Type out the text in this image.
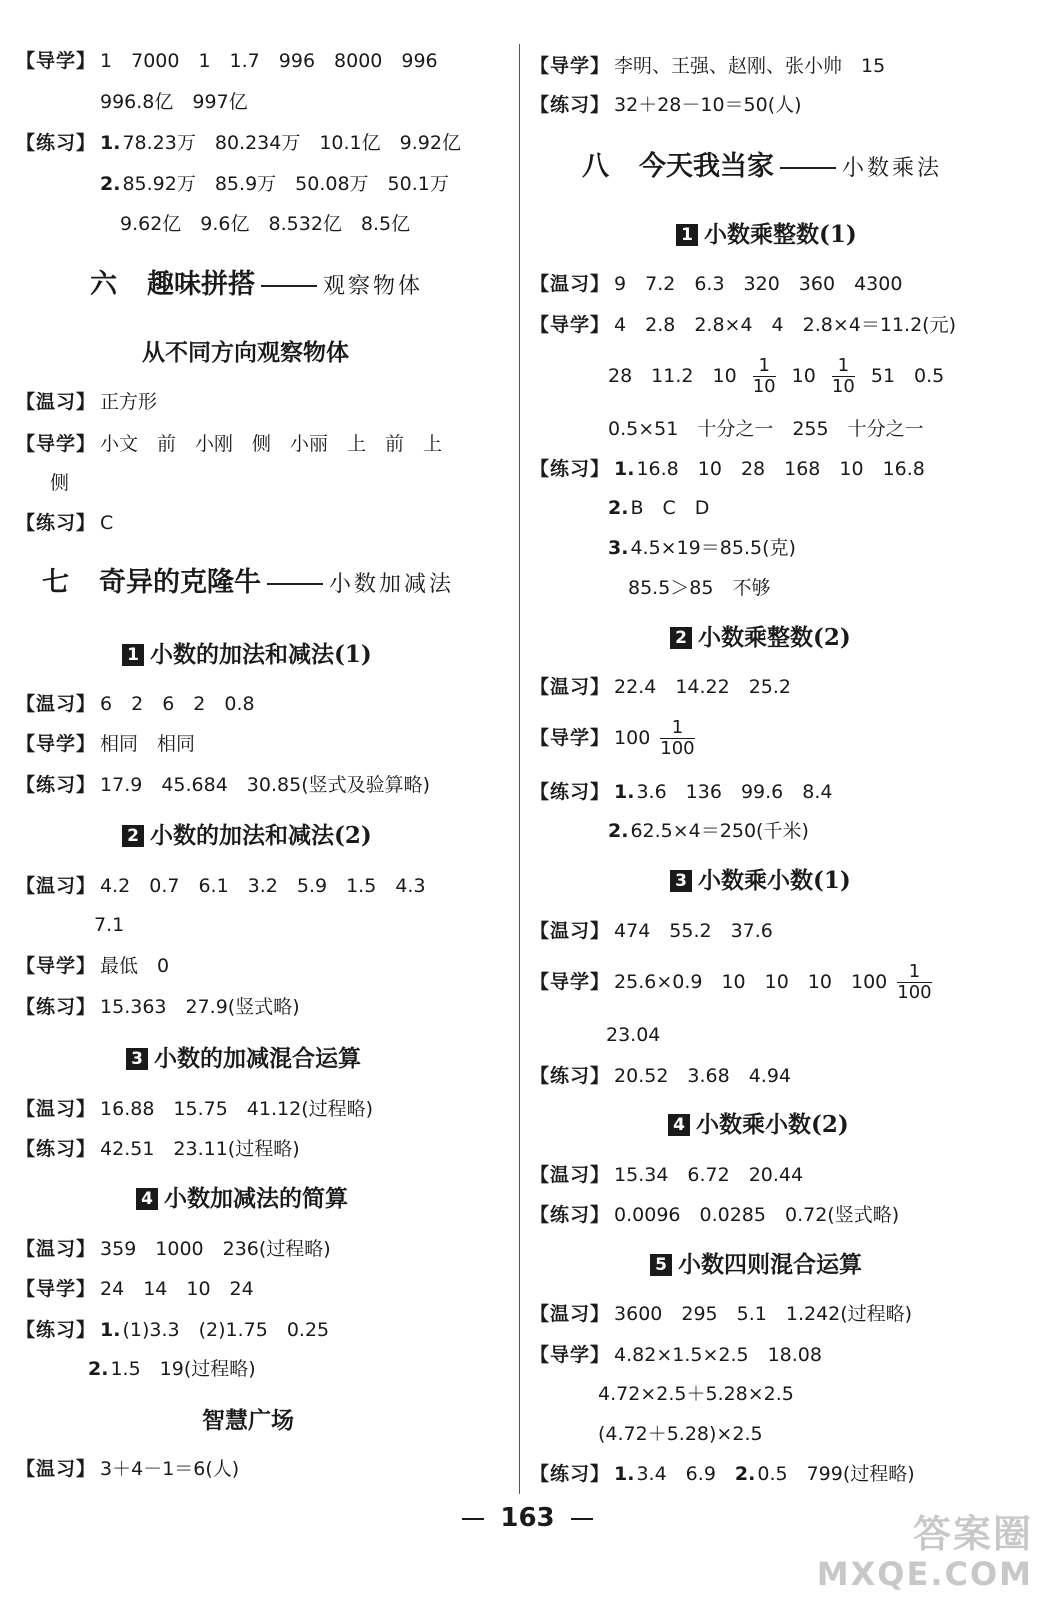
【导学】 1　7000　1　1.7　996　8000　996
996.8亿　997亿
【练习】 1. 78.23万　80.234万　10.1亿　9.92亿
2. 85.92万　85.9万　50.08万　50.1万
9.62亿　9.6亿　8.532亿　8.5亿
六 趣味拼搭	观察物体
从不同方向观察物体
【温习】 正方形
【导学】 小文　前　小刚　侧　小丽　上　前　上
侧
【练习】 C
七 奇异的克隆牛	小数加减法
1 小数的加法和减法(1)
【温习】 6　2　6　2　0.8
【导学】 相同　相同
【练习】 17.9　45.684　30.85(竖式及验算略)
2 小数的加法和减法(2)
【温习】 4.2　0.7　6.1　3.2　5.9　1.5　4.3
7.1
【导学】 最低　0
【练习】 15.363　27.9(竖式略)
3 小数的加减混合运算
【温习】 16.88　15.75　41.12(过程略)
【练习】 42.51　23.11(过程略)
4 小数加减法的简算
【温习】 359　1000　236(过程略)
【导学】 24　14　10　24
【练习】 1. (1)3.3　(2)1.75　0.25
2. 1.5　19(过程略)
智慧广场
【温习】 3＋4－1＝6(人)
【导学】 李明、王强、赵刚、张小帅　15
【练习】 32＋28－10＝50(人)
八 今天我当家	小数乘法
1 小数乘整数(1)
【温习】 9　7.2　6.3　320　360　4300
【导学】 4　2.8　2.8×4　4　2.8×4＝11.2(元)
28　11.2　$10 \frac{1}{10} 10 \frac{1}{10} 51$　0.5
0.5×51　十分之一　255　十分之一
【练习】 1. 16.8　10　28　168　10　16.8
2. B　C　D
3. 4.5×19＝85.5(克)
85.5＞85　不够
2 小数乘整数(2)
【温习】 22.4　14.22　25.2
【导学】 $100 \frac{1}{100}$
【练习】 1. 3.6　136　99.6　8.4
2. 62.5×4＝250(千米)
3 小数乘小数(1)
【温习】 474　55.2　37.6
【导学】 25.6×0.9　10　10　10　$100 \frac{1}{100}$
23.04
【练习】 20.52　3.68　4.94
4 小数乘小数(2)
【温习】 15.34　6.72　20.44
【练习】 0.0096　0.0285　0.72(竖式略)
5 小数四则混合运算
【温习】 3600　295　5.1　1.242(过程略)
【导学】 4.82×1.5×2.5　18.08
4.72×2.5＋5.28×2.5
(4.72＋5.28)×2.5
【练习】 1. 3.4　6.9　2. 0.5　799(过程略)
163	答案圈
MXQE.COM
